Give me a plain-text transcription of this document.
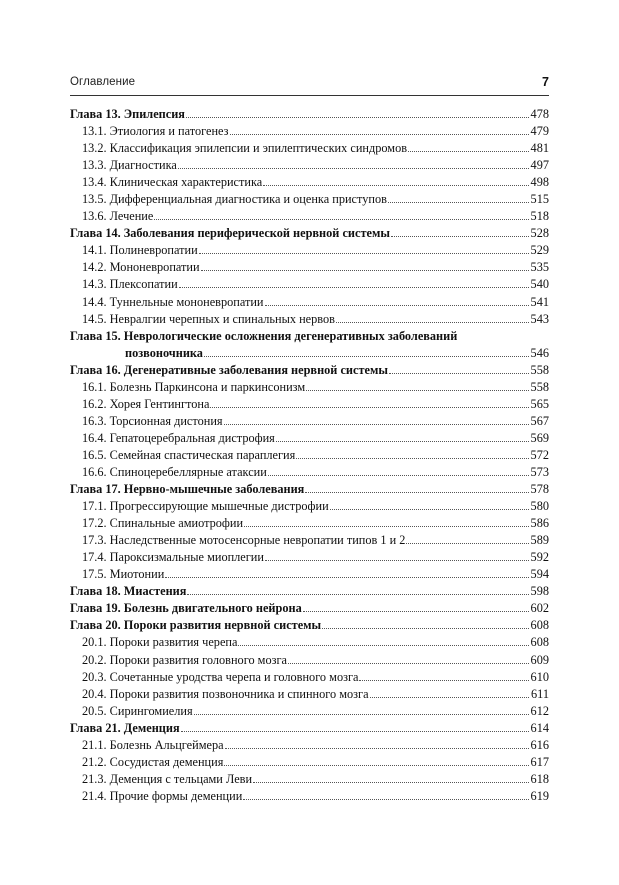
Оглавление	7
Глава 13. Эпилепсия	478
13.1. Этиология и патогенез	479
13.2. Классификация эпилепсии и эпилептических синдромов	481
13.3. Диагностика	497
13.4. Клиническая характеристика	498
13.5. Дифференциальная диагностика и оценка приступов	515
13.6. Лечение	518
Глава 14. Заболевания периферической нервной системы	528
14.1. Полиневропатии	529
14.2. Мононевропатии	535
14.3. Плексопатии	540
14.4. Туннельные мононевропатии	541
14.5. Невралгии черепных и спинальных нервов	543
Глава 15. Неврологические осложнения дегенеративных заболеваний
позвоночника	546
Глава 16. Дегенеративные заболевания нервной системы	558
16.1. Болезнь Паркинсона и паркинсонизм	558
16.2. Хорея Гентингтона	565
16.3. Торсионная дистония	567
16.4. Гепатоцеребральная дистрофия	569
16.5. Семейная спастическая параплегия	572
16.6. Спиноцеребеллярные атаксии	573
Глава 17. Нервно-мышечные заболевания	578
17.1. Прогрессирующие мышечные дистрофии	580
17.2. Спинальные амиотрофии	586
17.3. Наследственные мотосенсорные невропатии типов 1 и 2	589
17.4. Пароксизмальные миоплегии	592
17.5. Миотонии	594
Глава 18. Миастения	598
Глава 19. Болезнь двигательного нейрона	602
Глава 20. Пороки развития нервной системы	608
20.1. Пороки развития черепа	608
20.2. Пороки развития головного мозга	609
20.3. Сочетанные уродства черепа и головного мозга	610
20.4. Пороки развития позвоночника и спинного мозга	611
20.5. Сирингомиелия	612
Глава 21. Деменция	614
21.1. Болезнь Альцгеймера	616
21.2. Сосудистая деменция	617
21.3. Деменция с тельцами Леви	618
21.4. Прочие формы деменции	619
